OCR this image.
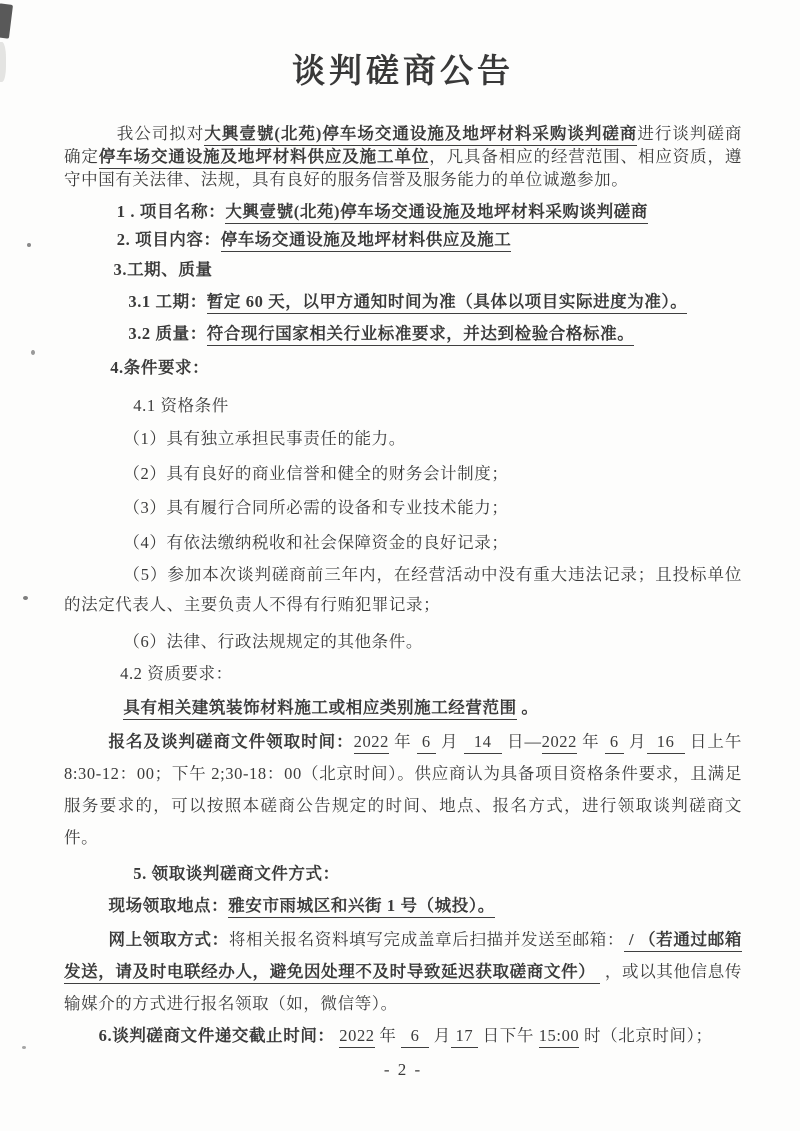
谈判磋商公告

我公司拟对大興壹號(北苑)停车场交通设施及地坪材料采购谈判磋商进行谈判磋商确定停车场交通设施及地坪材料供应及施工单位，凡具备相应的经营范围、相应资质，遵守中国有关法律、法规，具有良好的服务信誉及服务能力的单位诚邀参加。

1 . 项目名称：大興壹號(北苑)停车场交通设施及地坪材料采购谈判磋商

2. 项目内容：停车场交通设施及地坪材料供应及施工

3.工期、质量

3.1 工期：暂定 60 天，以甲方通知时间为准（具体以项目实际进度为准）。

3.2 质量：符合现行国家相关行业标准要求，并达到检验合格标准。

4.条件要求：

4.1 资格条件

（1）具有独立承担民事责任的能力。

（2）具有良好的商业信誉和健全的财务会计制度；

（3）具有履行合同所必需的设备和专业技术能力；

（4）有依法缴纳税收和社会保障资金的良好记录；

（5）参加本次谈判磋商前三年内，在经营活动中没有重大违法记录；且投标单位的法定代表人、主要负责人不得有行贿犯罪记录；

（6）法律、行政法规规定的其他条件。

4.2 资质要求：

具有相关建筑装饰材料施工或相应类别施工经营范围 。

报名及谈判磋商文件领取时间：2022 年  6  月   14   日—2022 年  6  月  16   日上午 8:30-12：00；下午 2;30-18：00（北京时间）。供应商认为具备项目资格条件要求，且满足服务要求的，可以按照本磋商公告规定的时间、地点、报名方式，进行领取谈判磋商文件。

5. 领取谈判磋商文件方式：

现场领取地点：雅安市雨城区和兴街 1 号（城投）。

网上领取方式：将相关报名资料填写完成盖章后扫描并发送至邮箱： / （若通过邮箱发送，请及时电联经办人，避免因处理不及时导致延迟获取磋商文件）  ，或以其他信息传输媒介的方式进行报名领取（如，微信等）。

6.谈判磋商文件递交截止时间： 2022 年   6   月 17  日下午 15:00 时（北京时间）；

- 2 -
